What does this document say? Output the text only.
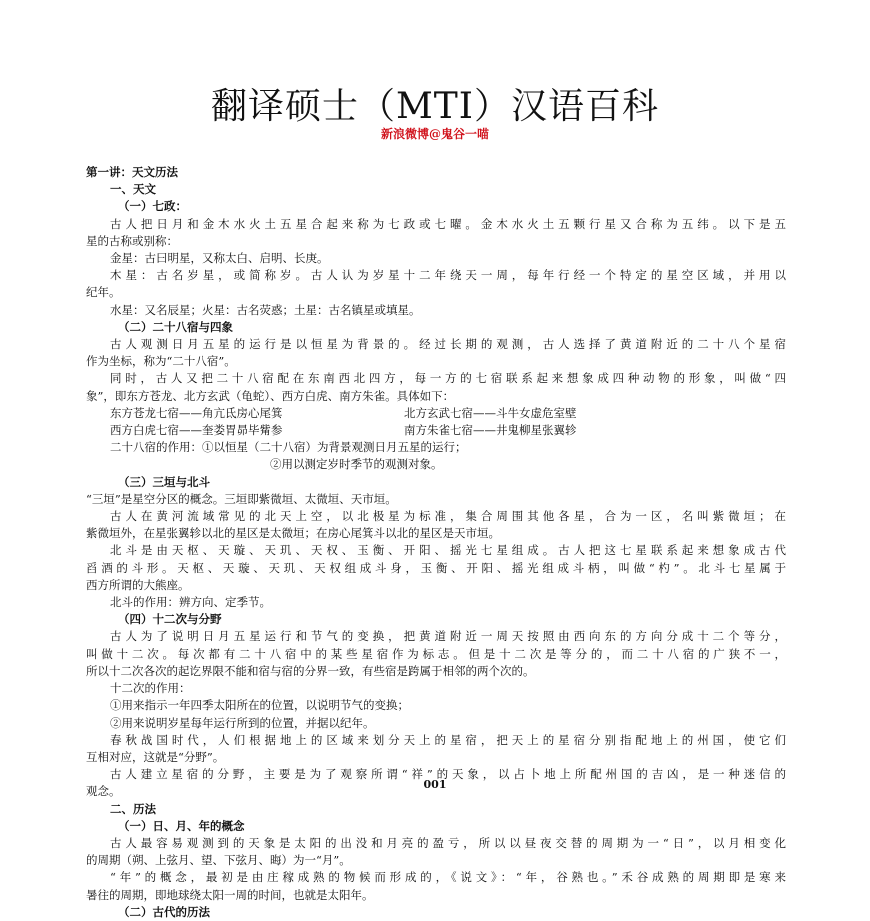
翻译硕士（MTI）汉语百科
新浪微博@鬼谷一喵
第一讲：天文历法
一、天文
（一）七政：
古人把日月和金木水火土五星合起来称为七政或七曜。金木水火土五颗行星又合称为五纬。以下是五
星的古称或别称：
金星：古曰明星，又称太白、启明、长庚。
木星：古名岁星，或简称岁。古人认为岁星十二年绕天一周，每年行经一个特定的星空区域，并用以
纪年。
水星：又名辰星；火星：古名荧惑；土星：古名镇星或填星。
（二）二十八宿与四象
古人观测日月五星的运行是以恒星为背景的。经过长期的观测，古人选择了黄道附近的二十八个星宿
作为坐标，称为“二十八宿”。
同时，古人又把二十八宿配在东南西北四方，每一方的七宿联系起来想象成四种动物的形象，叫做“四
象”，即东方苍龙、北方玄武（龟蛇）、西方白虎、南方朱雀。具体如下：
东方苍龙七宿——角亢氐房心尾箕	北方玄武七宿——斗牛女虚危室壁
西方白虎七宿——奎娄胃昴毕觜参	南方朱雀七宿——井鬼柳星张翼轸
二十八宿的作用：①以恒星（二十八宿）为背景观测日月五星的运行；
②用以测定岁时季节的观测对象。
（三）三垣与北斗
“三垣”是星空分区的概念。三垣即紫微垣、太微垣、天市垣。
古人在黄河流域常见的北天上空，以北极星为标准，集合周围其他各星，合为一区，名叫紫微垣；在
紫微垣外，在星张翼轸以北的星区是太微垣；在房心尾箕斗以北的星区是天市垣。
北斗是由天枢、天璇、天玑、天权、玉衡、开阳、摇光七星组成。古人把这七星联系起来想象成古代
舀酒的斗形。天枢、天璇、天玑、天权组成斗身，玉衡、开阳、摇光组成斗柄，叫做“杓”。北斗七星属于
西方所谓的大熊座。
北斗的作用：辨方向、定季节。
（四）十二次与分野
古人为了说明日月五星运行和节气的变换，把黄道附近一周天按照由西向东的方向分成十二个等分，
叫做十二次。每次都有二十八宿中的某些星宿作为标志。但是十二次是等分的，而二十八宿的广狭不一，
所以十二次各次的起讫界限不能和宿与宿的分界一致，有些宿是跨属于相邻的两个次的。
十二次的作用：
①用来指示一年四季太阳所在的位置，以说明节气的变换；
②用来说明岁星每年运行所到的位置，并据以纪年。
春秋战国时代，人们根据地上的区域来划分天上的星宿，把天上的星宿分别指配地上的州国，使它们
互相对应，这就是“分野”。
古人建立星宿的分野，主要是为了观察所谓“祥”的天象，以占卜地上所配州国的吉凶，是一种迷信的
观念。
二、历法
（一）日、月、年的概念
古人最容易观测到的天象是太阳的出没和月亮的盈亏，所以以昼夜交替的周期为一“日”，以月相变化
的周期（朔、上弦月、望、下弦月、晦）为一“月”。
“年”的概念，最初是由庄稼成熟的物候而形成的，《说文》：“年，谷熟也。”禾谷成熟的周期即是寒来
暑往的周期，即地球绕太阳一周的时间，也就是太阳年。
（二）古代的历法
001
